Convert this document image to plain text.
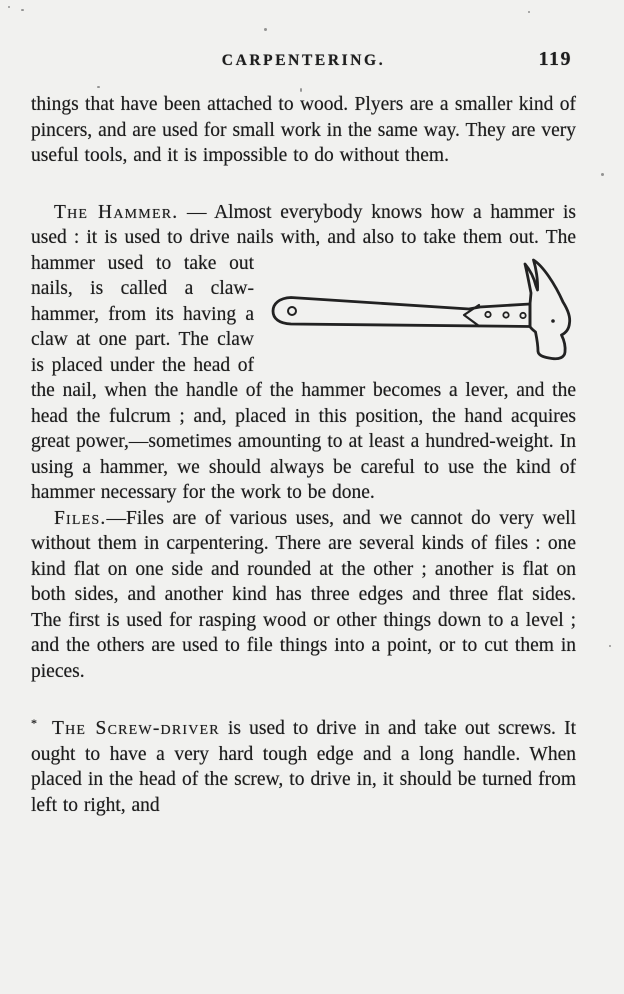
CARPENTERING.	119

things that have been attached to wood. Plyers are a smaller kind of pincers, and are used for small work in the same way. They are very useful tools, and it is impossible to do without them.

The Hammer. — Almost everybody knows how a hammer is used : it is used to drive nails with, and also
to take them out. The hammer used to take out nails, is called a claw-hammer, from its having a claw at one part. The claw is placed under the head of the nail, when the handle of the hammer becomes a lever, and the head the fulcrum ; and, placed in this position, the hand acquires great power,—sometimes amounting to at least a hundred-weight. In using a hammer, we should always be careful to use the kind of hammer necessary for the work to be done.

Files.—Files are of various uses, and we cannot do very well without them in carpentering. There are several kinds of files : one kind flat on one side and rounded at the other ; another is flat on both sides, and another kind has three edges and three flat sides. The first is used for rasping wood or other things down to a level ; and the others are used to file things into a point, or to cut them in pieces.

* The Screw-driver is used to drive in and take out screws. It ought to have a very hard tough edge and a long handle. When placed in the head of the screw, to drive in, it should be turned from left to right, and
